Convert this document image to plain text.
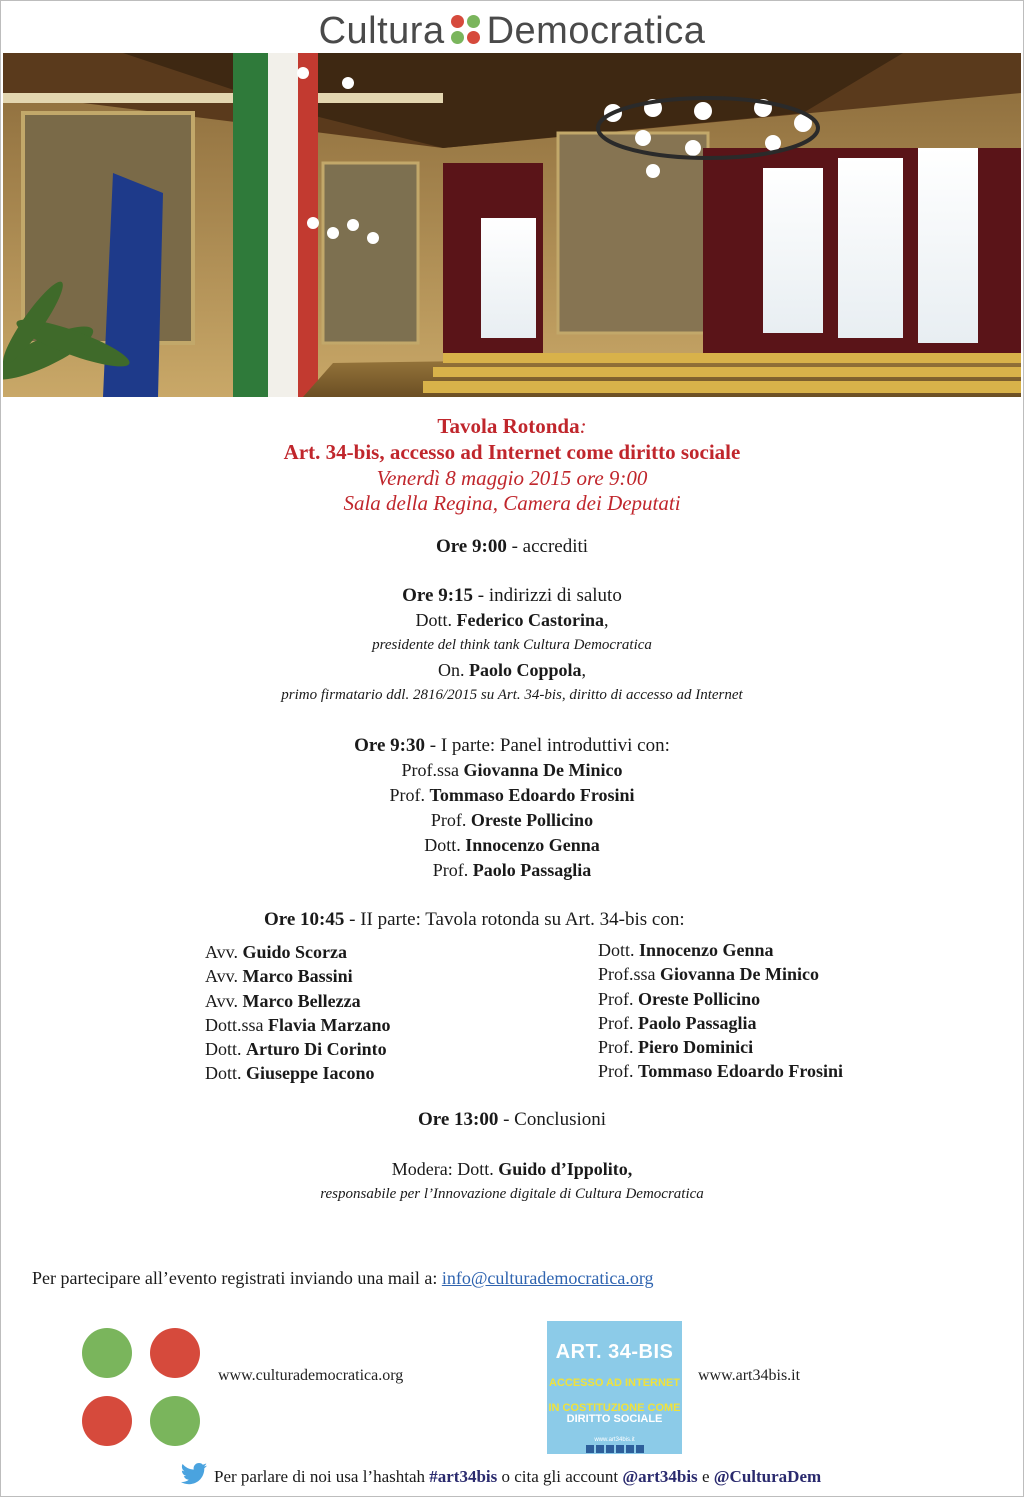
Cultura Democratica
Tavola Rotonda:
Art. 34-bis, accesso ad Internet come diritto sociale
Venerdì 8 maggio 2015 ore 9:00
Sala della Regina, Camera dei Deputati
Ore 9:00 - accrediti
Ore 9:15 - indirizzi di saluto
Dott. Federico Castorina,
presidente del think tank Cultura Democratica
On. Paolo Coppola,
primo firmatario ddl. 2816/2015 su Art. 34-bis, diritto di accesso ad Internet
Ore 9:30 - I parte: Panel introduttivi con:
Prof.ssa Giovanna De Minico
Prof. Tommaso Edoardo Frosini
Prof. Oreste Pollicino
Dott. Innocenzo Genna
Prof. Paolo Passaglia
Ore 10:45 - II parte: Tavola rotonda su Art. 34-bis con:
Avv. Guido Scorza
Avv. Marco Bassini
Avv. Marco Bellezza
Dott.ssa Flavia Marzano
Dott. Arturo Di Corinto
Dott. Giuseppe Iacono
Dott. Innocenzo Genna
Prof.ssa Giovanna De Minico
Prof. Oreste Pollicino
Prof. Paolo Passaglia
Prof. Piero Dominici
Prof. Tommaso Edoardo Frosini
Ore 13:00 - Conclusioni
Modera: Dott. Guido d’Ippolito,
responsabile per l’Innovazione digitale di Cultura Democratica
Per partecipare all’evento registrati inviando una mail a: info@culturademocratica.org
www.culturademocratica.org
ART. 34-BIS
ACCESSO AD INTERNET
IN COSTITUZIONE COME
DIRITTO SOCIALE
www.art34bis.it
www.art34bis.it
Per parlare di noi usa l’hashtah #art34bis o cita gli account @art34bis e @CulturaDem
